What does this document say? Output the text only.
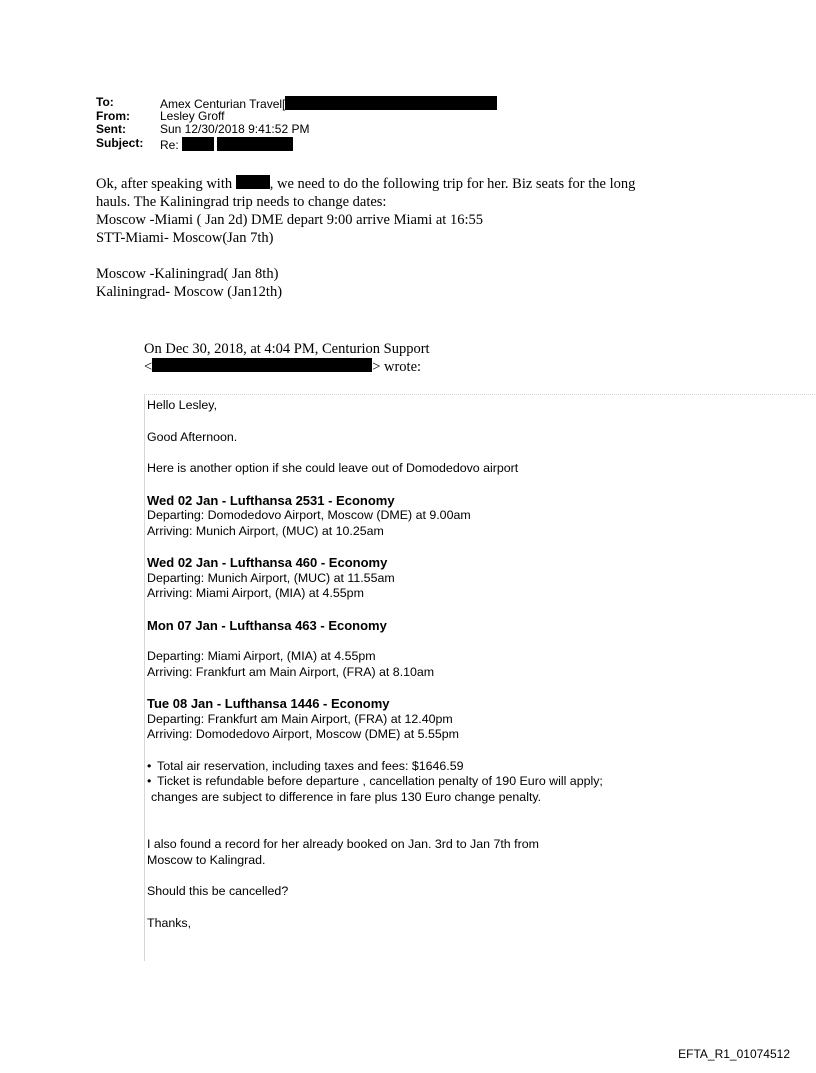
To:	Amex Centurian Travel[
From:	Lesley Groff
Sent:	Sun 12/30/2018 9:41:52 PM
Subject:	Re:

Ok, after speaking with	, we need to do the following trip for her. Biz seats for the long

hauls. The Kaliningrad trip needs to change dates:

Moscow -Miami ( Jan 2d) DME depart 9:00 arrive Miami at 16:55

STT-Miami- Moscow(Jan 7th)

Moscow -Kaliningrad( Jan 8th)

Kaliningrad- Moscow (Jan12th)

On Dec 30, 2018, at 4:04 PM, Centurion Support
<	> wrote:

Hello Lesley,

Good Afternoon.

Here is another option if she could leave out of Domodedovo airport

Wed 02 Jan - Lufthansa 2531 - Economy

Departing: Domodedovo Airport, Moscow (DME) at 9.00am

Arriving: Munich Airport, (MUC) at 10.25am

Wed 02 Jan - Lufthansa 460 - Economy

Departing: Munich Airport, (MUC) at 11.55am

Arriving: Miami Airport, (MIA) at 4.55pm

Mon 07 Jan - Lufthansa 463 - Economy

Departing: Miami Airport, (MIA) at 4.55pm

Arriving: Frankfurt am Main Airport, (FRA) at 8.10am

Tue 08 Jan - Lufthansa 1446 - Economy

Departing: Frankfurt am Main Airport, (FRA) at 12.40pm

Arriving: Domodedovo Airport, Moscow (DME) at 5.55pm

• Total air reservation, including taxes and fees: $1646.59
• Ticket is refundable before departure , cancellation penalty of 190 Euro will apply;

changes are subject to difference in fare plus 130 Euro change penalty.

I also found a record for her already booked on Jan. 3rd to Jan 7th from

Moscow to Kalingrad.

Should this be cancelled?

Thanks,

EFTA_R1_01074512
